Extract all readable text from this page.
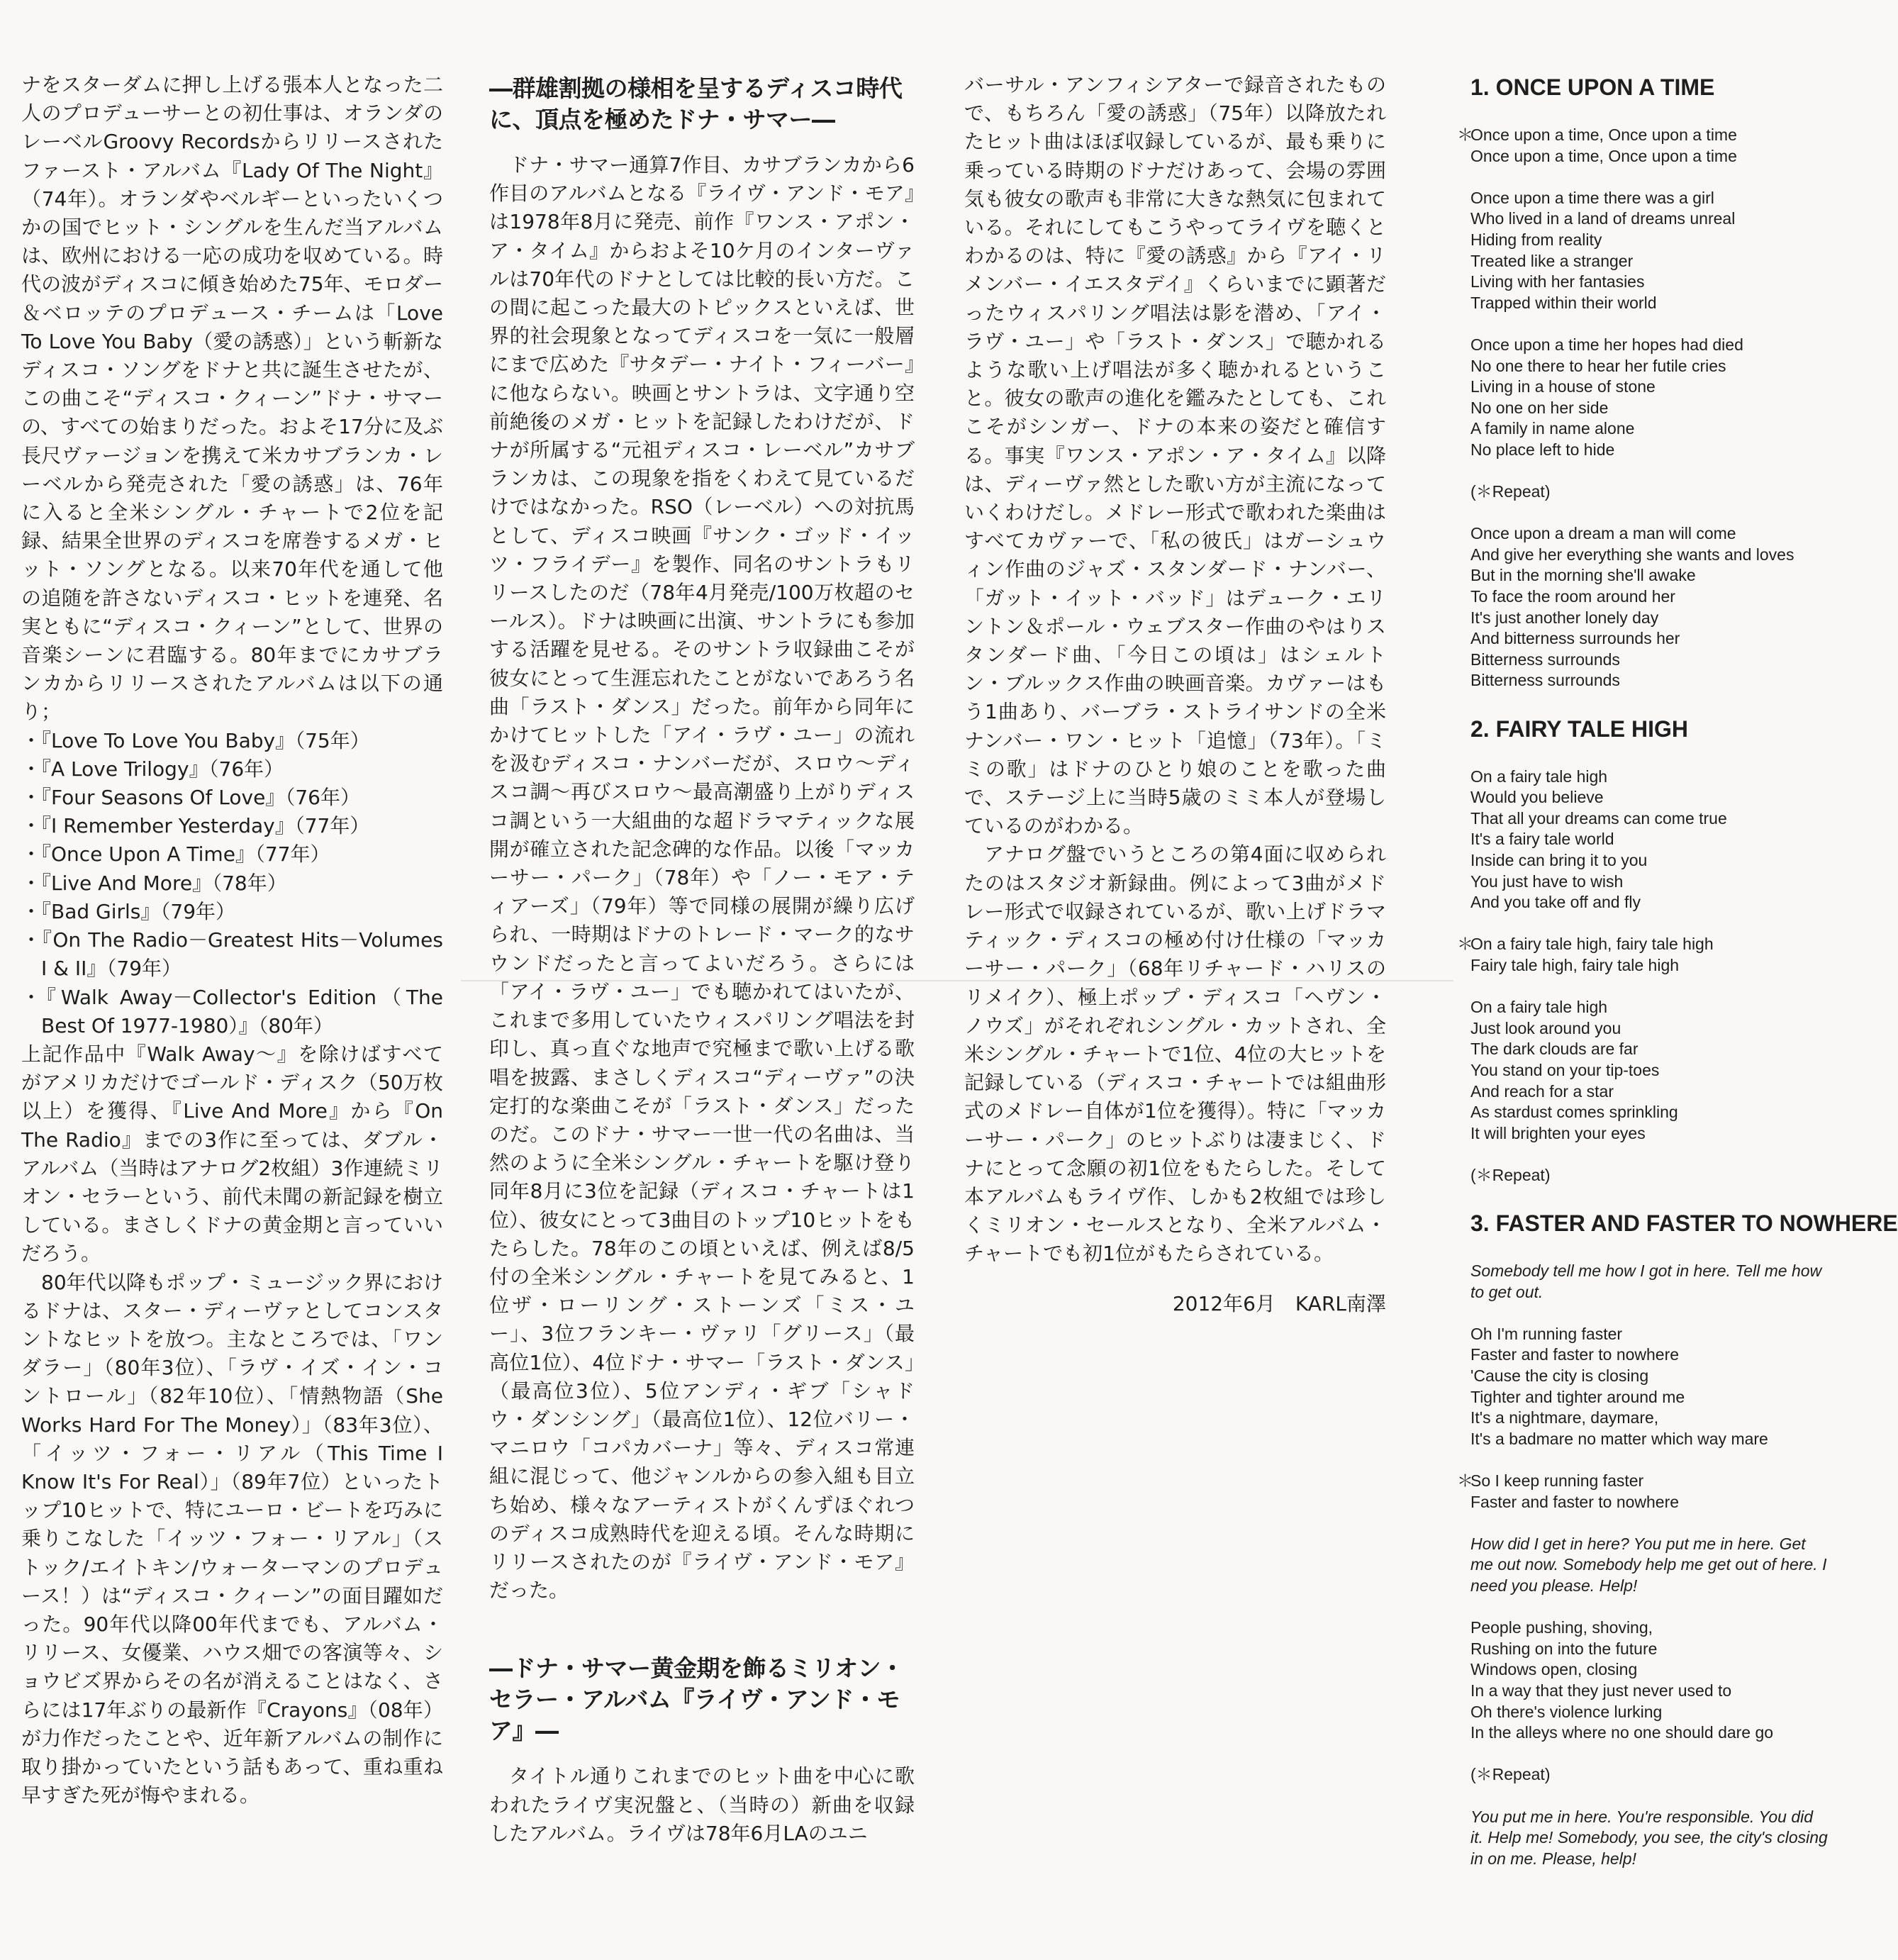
ナをスターダムに押し上げる張本人となった二人のプロデューサーとの初仕事は、オランダのレーベルGroovy Recordsからリリースされたファースト・アルバム『Lady Of The Night』（74年）。オランダやベルギーといったいくつかの国でヒット・シングルを生んだ当アルバムは、欧州における一応の成功を収めている。時代の波がディスコに傾き始めた75年、モロダー＆ベロッテのプロデュース・チームは「Love To Love You Baby（愛の誘惑）」という斬新なディスコ・ソングをドナと共に誕生させたが、この曲こそ“ディスコ・クィーン”ドナ・サマーの、すべての始まりだった。およそ17分に及ぶ長尺ヴァージョンを携えて米カサブランカ・レーベルから発売された「愛の誘惑」は、76年に入ると全米シングル・チャートで2位を記録、結果全世界のディスコを席巻するメガ・ヒット・ソングとなる。以来70年代を通して他の追随を許さないディスコ・ヒットを連発、名実ともに“ディスコ・クィーン”として、世界の音楽シーンに君臨する。80年までにカサブランカからリリースされたアルバムは以下の通り；

・『Love To Love You Baby』（75年）

・『A Love Trilogy』（76年）

・『Four Seasons Of Love』（76年）

・『I Remember Yesterday』（77年）

・『Once Upon A Time』（77年）

・『Live And More』（78年）

・『Bad Girls』（79年）

・『On The Radio－Greatest Hits－Volumes I & II』（79年）

・『Walk Away－Collector's Edition（The Best Of 1977-1980）』（80年）

上記作品中『Walk Away～』を除けばすべてがアメリカだけでゴールド・ディスク（50万枚以上）を獲得、『Live And More』から『On The Radio』までの3作に至っては、ダブル・アルバム（当時はアナログ2枚組）3作連続ミリオン・セラーという、前代未聞の新記録を樹立している。まさしくドナの黄金期と言っていいだろう。

80年代以降もポップ・ミュージック界におけるドナは、スター・ディーヴァとしてコンスタントなヒットを放つ。主なところでは、「ワンダラー」（80年3位）、「ラヴ・イズ・イン・コントロール」（82年10位）、「情熱物語（She Works Hard For The Money）」（83年3位）、「イッツ・フォー・リアル（This Time I Know It's For Real）」（89年7位）といったトップ10ヒットで、特にユーロ・ビートを巧みに乗りこなした「イッツ・フォー・リアル」（ストック/エイトキン/ウォーターマンのプロデュース！）は“ディスコ・クィーン”の面目躍如だった。90年代以降00年代までも、アルバム・リリース、女優業、ハウス畑での客演等々、ショウビズ界からその名が消えることはなく、さらには17年ぶりの最新作『Crayons』（08年）が力作だったことや、近年新アルバムの制作に取り掛かっていたという話もあって、重ね重ね早すぎた死が悔やまれる。

―群雄割拠の様相を呈するディスコ時代に、頂点を極めたドナ・サマー―

ドナ・サマー通算7作目、カサブランカから6作目のアルバムとなる『ライヴ・アンド・モア』は1978年8月に発売、前作『ワンス・アポン・ア・タイム』からおよそ10ケ月のインターヴァルは70年代のドナとしては比較的長い方だ。この間に起こった最大のトピックスといえば、世界的社会現象となってディスコを一気に一般層にまで広めた『サタデー・ナイト・フィーバー』に他ならない。映画とサントラは、文字通り空前絶後のメガ・ヒットを記録したわけだが、ドナが所属する“元祖ディスコ・レーベル”カサブランカは、この現象を指をくわえて見ているだけではなかった。RSO（レーベル）への対抗馬として、ディスコ映画『サンク・ゴッド・イッツ・フライデー』を製作、同名のサントラもリリースしたのだ（78年4月発売/100万枚超のセールス）。ドナは映画に出演、サントラにも参加する活躍を見せる。そのサントラ収録曲こそが彼女にとって生涯忘れたことがないであろう名曲「ラスト・ダンス」だった。前年から同年にかけてヒットした「アイ・ラヴ・ユー」の流れを汲むディスコ・ナンバーだが、スロウ～ディスコ調～再びスロウ～最高潮盛り上がりディスコ調という一大組曲的な超ドラマティックな展開が確立された記念碑的な作品。以後「マッカーサー・パーク」（78年）や「ノー・モア・ティアーズ」（79年）等で同様の展開が繰り広げられ、一時期はドナのトレード・マーク的なサウンドだったと言ってよいだろう。さらには「アイ・ラヴ・ユー」でも聴かれてはいたが、これまで多用していたウィスパリング唱法を封印し、真っ直ぐな地声で究極まで歌い上げる歌唱を披露、まさしくディスコ“ディーヴァ”の決定打的な楽曲こそが「ラスト・ダンス」だったのだ。このドナ・サマー一世一代の名曲は、当然のように全米シングル・チャートを駆け登り同年8月に3位を記録（ディスコ・チャートは1位）、彼女にとって3曲目のトップ10ヒットをもたらした。78年のこの頃といえば、例えば8/5付の全米シングル・チャートを見てみると、1位ザ・ローリング・ストーンズ「ミス・ユー」、3位フランキー・ヴァリ「グリース」（最高位1位）、4位ドナ・サマー「ラスト・ダンス」（最高位3位）、5位アンディ・ギブ「シャドウ・ダンシング」（最高位1位）、12位バリー・マニロウ「コパカバーナ」等々、ディスコ常連組に混じって、他ジャンルからの参入組も目立ち始め、様々なアーティストがくんずほぐれつのディスコ成熟時代を迎える頃。そんな時期にリリースされたのが『ライヴ・アンド・モア』だった。

―ドナ・サマー黄金期を飾るミリオン・セラー・アルバム『ライヴ・アンド・モア』―

タイトル通りこれまでのヒット曲を中心に歌われたライヴ実況盤と、（当時の）新曲を収録したアルバム。ライヴは78年6月LAのユニ

バーサル・アンフィシアターで録音されたもので、もちろん「愛の誘惑」（75年）以降放たれたヒット曲はほぼ収録しているが、最も乗りに乗っている時期のドナだけあって、会場の雰囲気も彼女の歌声も非常に大きな熱気に包まれている。それにしてもこうやってライヴを聴くとわかるのは、特に『愛の誘惑』から『アイ・リメンバー・イエスタデイ』くらいまでに顕著だったウィスパリング唱法は影を潜め、「アイ・ラヴ・ユー」や「ラスト・ダンス」で聴かれるような歌い上げ唱法が多く聴かれるということ。彼女の歌声の進化を鑑みたとしても、これこそがシンガー、ドナの本来の姿だと確信する。事実『ワンス・アポン・ア・タイム』以降は、ディーヴァ然とした歌い方が主流になっていくわけだし。メドレー形式で歌われた楽曲はすべてカヴァーで、「私の彼氏」はガーシュウィン作曲のジャズ・スタンダード・ナンバー、「ガット・イット・バッド」はデューク・エリントン＆ポール・ウェブスター作曲のやはりスタンダード曲、「今日この頃は」はシェルトン・ブルックス作曲の映画音楽。カヴァーはもう1曲あり、バーブラ・ストライサンドの全米ナンバー・ワン・ヒット「追憶」（73年）。「ミミの歌」はドナのひとり娘のことを歌った曲で、ステージ上に当時5歳のミミ本人が登場しているのがわかる。

アナログ盤でいうところの第4面に収められたのはスタジオ新録曲。例によって3曲がメドレー形式で収録されているが、歌い上げドラマティック・ディスコの極め付け仕様の「マッカーサー・パーク」（68年リチャード・ハリスのリメイク）、極上ポップ・ディスコ「ヘヴン・ノウズ」がそれぞれシングル・カットされ、全米シングル・チャートで1位、4位の大ヒットを記録している（ディスコ・チャートでは組曲形式のメドレー自体が1位を獲得）。特に「マッカーサー・パーク」のヒットぶりは凄まじく、ドナにとって念願の初1位をもたらした。そして本アルバムもライヴ作、しかも2枚組では珍しくミリオン・セールスとなり、全米アルバム・チャートでも初1位がもたらされている。

2012年6月　KARL南澤

1. ONCE UPON A TIME
＊
Once upon a time, Once upon a time
Once upon a time, Once upon a time
Once upon a time there was a girl
Who lived in a land of dreams unreal
Hiding from reality
Treated like a stranger
Living with her fantasies
Trapped within their world
Once upon a time her hopes had died
No one there to hear her futile cries
Living in a house of stone
No one on her side
A family in name alone
No place left to hide
(＊Repeat)
Once upon a dream a man will come
And give her everything she wants and loves
But in the morning she'll awake
To face the room around her
It's just another lonely day
And bitterness surrounds her
Bitterness surrounds
Bitterness surrounds
2. FAIRY TALE HIGH
On a fairy tale high
Would you believe
That all your dreams can come true
It's a fairy tale world
Inside can bring it to you
You just have to wish
And you take off and fly
＊
On a fairy tale high, fairy tale high
Fairy tale high, fairy tale high
On a fairy tale high
Just look around you
The dark clouds are far
You stand on your tip-toes
And reach for a star
As stardust comes sprinkling
It will brighten your eyes
(＊Repeat)
3. FASTER AND FASTER TO NOWHERE
Somebody tell me how I got in here. Tell me how to get out.
Oh I'm running faster
Faster and faster to nowhere
'Cause the city is closing
Tighter and tighter around me
It's a nightmare, daymare,
It's a badmare no matter which way mare
＊
So I keep running faster
Faster and faster to nowhere
How did I get in here? You put me in here. Get me out now. Somebody help me get out of here. I need you please. Help!
People pushing, shoving,
Rushing on into the future
Windows open, closing
In a way that they just never used to
Oh there's violence lurking
In the alleys where no one should dare go
(＊Repeat)
You put me in here. You're responsible. You did it. Help me! Somebody, you see, the city's closing in on me. Please, help!
